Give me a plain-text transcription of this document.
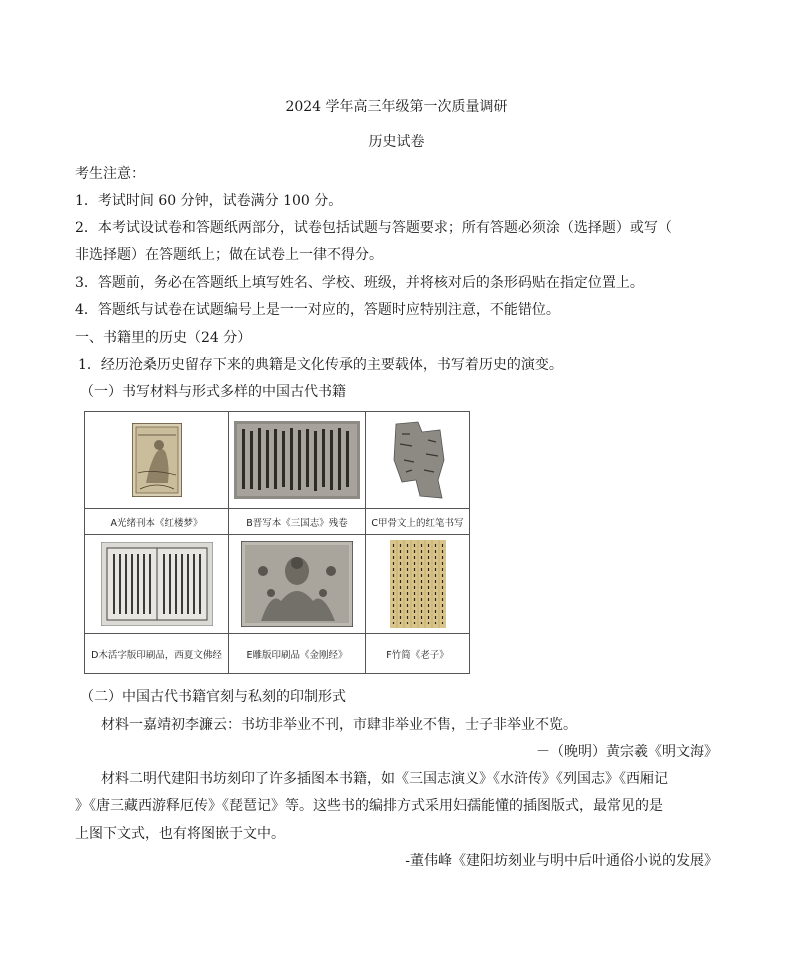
2024 学年高三年级第一次质量调研
历史试卷
考生注意：
1．考试时间 60 分钟，试卷满分 100 分。
2．本考试设试卷和答题纸两部分，试卷包括试题与答题要求；所有答题必须涂（选择题）或写（
非选择题）在答题纸上；做在试卷上一律不得分。
3．答题前，务必在答题纸上填写姓名、学校、班级，并将核对后的条形码贴在指定位置上。
4．答题纸与试卷在试题编号上是一一对应的，答题时应特别注意，不能错位。
一、书籍里的历史（24 分）
1．经历沧桑历史留存下来的典籍是文化传承的主要载体，书写着历史的演变。
（一）书写材料与形式多样的中国古代书籍
A光绪刊本《红楼梦》	B晋写本《三国志》残卷 C甲骨文上的红笔书写
D木活字版印刷品，西夏文佛经	E雕版印刷品《金刚经》	F竹简《老子》
（二）中国古代书籍官刻与私刻的印制形式
材料一嘉靖初李濂云：书坊非举业不刊，市肆非举业不售，士子非举业不览。
－（晚明）黄宗羲《明文海》
材料二明代建阳书坊刻印了许多插图本书籍，如《三国志演义》《水浒传》《列国志》《西厢记
》《唐三藏西游释厄传》《琵琶记》等。这些书的编排方式采用妇孺能懂的插图版式，最常见的是
上图下文式，也有将图嵌于文中。
-董伟峰《建阳坊刻业与明中后叶通俗小说的发展》
